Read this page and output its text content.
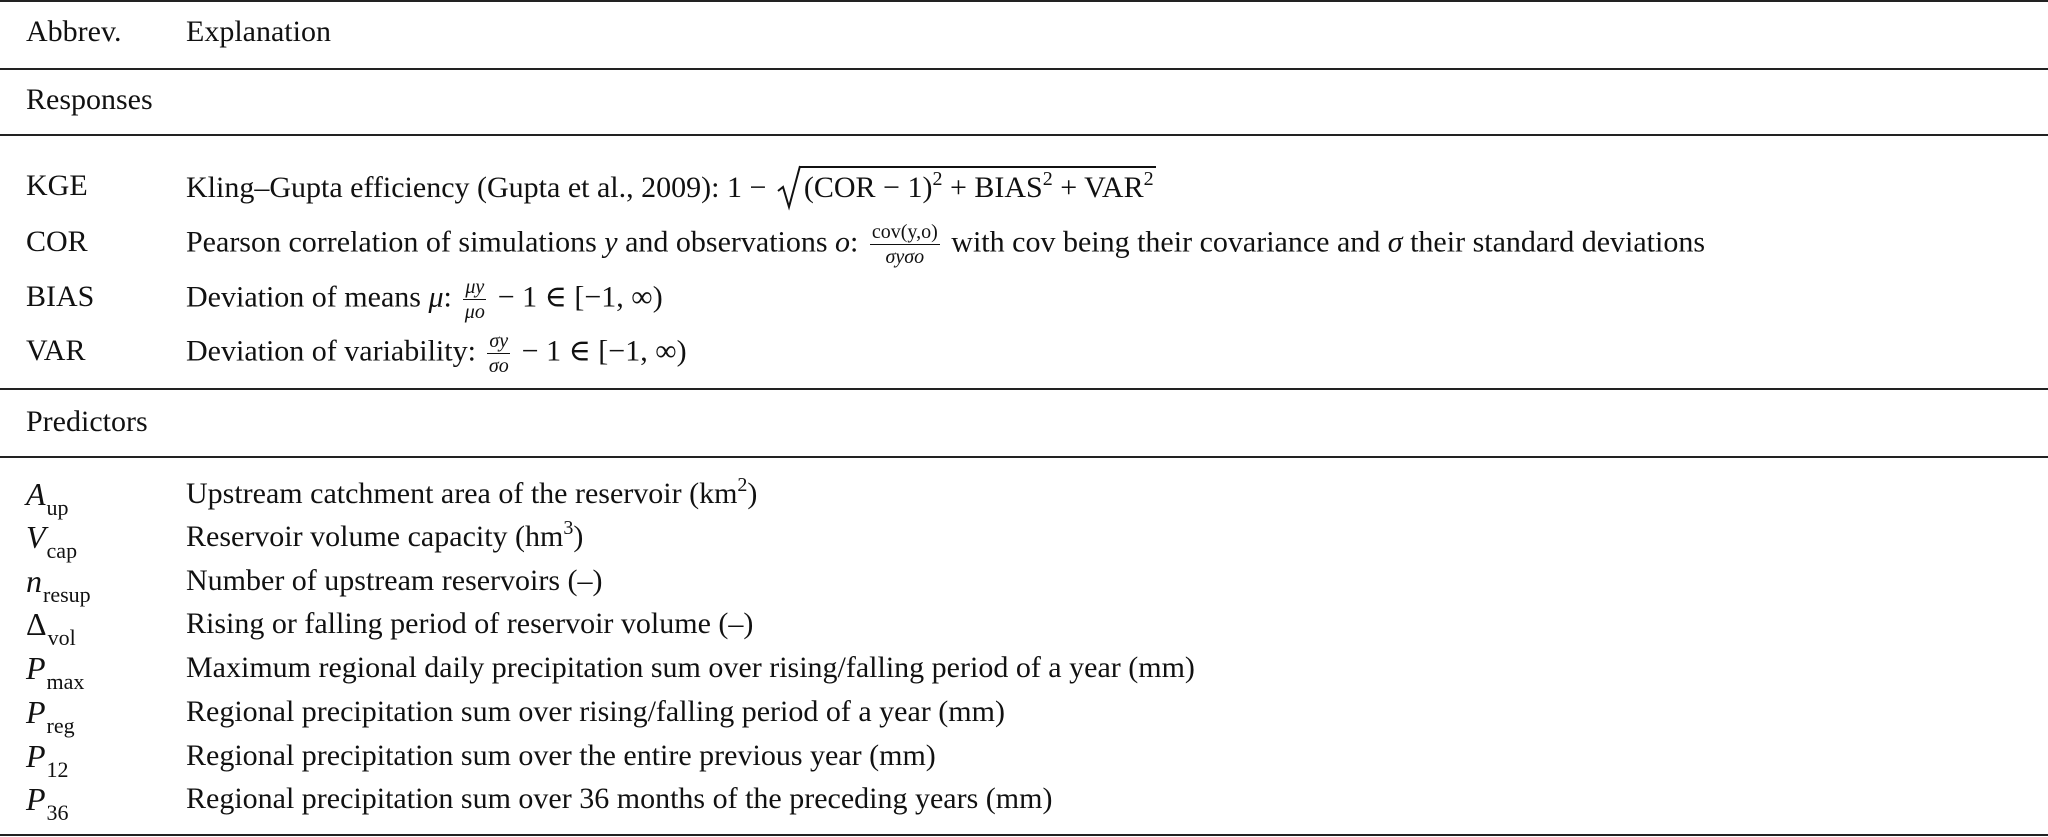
Abbrev. Explanation
Responses
KGE	Kling–Gupta efficiency (Gupta et al., 2009): $1 - (COR - 1)^2 + BIAS^2 + VAR^2$
COR	Pearson correlation of simulations y and observations o: $\frac{\text{cov(y,o)}}{\text{σyσo}}$ with cov being their covariance and σ their standard deviations
BIAS	Deviation of means μ: $\frac{\mu y}{\mu o} - 1$ ∈ [−1, ∞)
VAR	Deviation of variability: $\frac{\sigma y}{\sigma o} - 1$ ∈ [−1, ∞)
Predictors
$A_{up}$	Upstream catchment area of the reservoir $(km^2)$
$V_{cap}$	Reservoir volume capacity $(hm^3)$
$n_{resup}$	Number of upstream reservoirs (–)
$\Delta_{vol}$	Rising or falling period of reservoir volume (–)
$P_{max}$	Maximum regional daily precipitation sum over rising/falling period of a year (mm)
$P_{reg}$	Regional precipitation sum over rising/falling period of a year (mm)
$P_{12}$	Regional precipitation sum over the entire previous year (mm)
$P_{36}$	Regional precipitation sum over 36 months of the preceding years (mm)
